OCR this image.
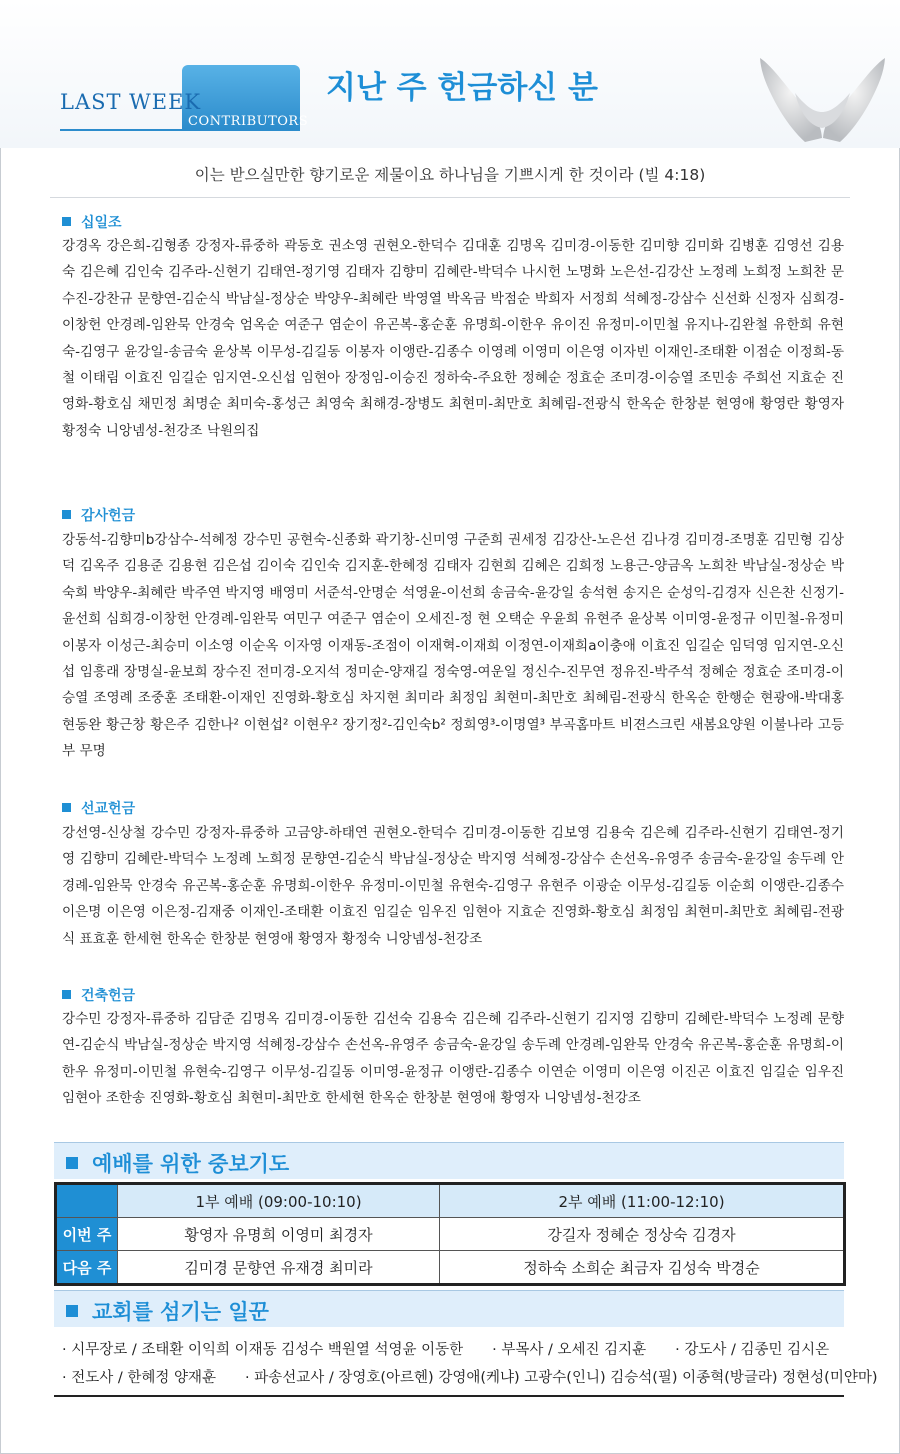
LAST WEEK
CONTRIBUTORS
지난 주 헌금하신 분
이는 받으실만한 향기로운 제물이요 하나님을 기쁘시게 한 것이라 (빌 4:18)
십일조
강경옥 강은희-김형종 강정자-류중하 곽동호 권소영 권현오-한덕수 김대훈 김명옥 김미경-이동한 김미향 김미화 김병훈 김영선 김용숙 김은혜 김인숙 김주라-신현기 김태연-정기영 김태자 김향미 김혜란-박덕수 나시헌 노명화 노은선-김강산 노정례 노희정 노희찬 문수진-강찬규 문향연-김순식 박남실-정상순 박양우-최혜란 박영열 박옥금 박점순 박희자 서정희 석혜정-강삼수 신선화 신정자 심희경-이창헌 안경례-임완묵 안경숙 엄옥순 여준구 염순이 유곤복-홍순훈 유명희-이한우 유이진 유정미-이민철 유지나-김완철 유한희 유현숙-김영구 윤강일-송금숙 윤상복 이무성-김길동 이봉자 이앵란-김종수 이영례 이영미 이은영 이자빈 이재인-조태환 이점순 이정희-동 철 이태림 이효진 임길순 임지연-오신섭 임현아 장정임-이승진 정하숙-주요한 정혜순 정효순 조미경-이승열 조민송 주희선 지효순 진영화-황호심 채민정 최명순 최미숙-홍성근 최영숙 최해경-장병도 최현미-최만호 최혜림-전광식 한옥순 한창분 현영애 황영란 황영자 황정숙 니앙넴성-천강조 낙원의집
감사헌금
강동석-김향미b강삼수-석혜정 강수민 공현숙-신종화 곽기창-신미영 구준희 권세정 김강산-노은선 김나경 김미경-조명훈 김민형 김상덕 김옥주 김용준 김용현 김은섭 김이숙 김인숙 김지훈-한혜정 김태자 김현희 김혜은 김희정 노용근-양금옥 노희찬 박남실-정상순 박숙희 박양우-최혜란 박주연 박지영 배영미 서준석-안명순 석영윤-이선희 송금숙-윤강일 송석현 송지은 순성익-김경자 신은찬 신정기-윤선희 심희경-이창헌 안경례-임완묵 여민구 여준구 염순이 오세진-정 현 오택순 우윤희 유현주 윤상복 이미영-윤정규 이민철-유정미 이봉자 이성근-최승미 이소영 이순옥 이자영 이재동-조점이 이재혁-이재희 이정연-이재희a이충애 이효진 임길순 임덕영 임지연-오신섭 임흥래 장명실-윤보희 장수진 전미경-오지석 정미순-양재길 정숙영-여운일 정신수-진무연 정유진-박주석 정혜순 정효순 조미경-이승열 조영례 조중훈 조태환-이재인 진영화-황호심 차지현 최미라 최정임 최현미-최만호 최혜림-전광식 한옥순 한행순 현광애-박대홍 현동완 황근창 황은주 김한나² 이현섭² 이현우² 장기정²-김인숙b² 정희영³-이명열³ 부곡홈마트 비젼스크린 새봄요양원 이불나라 고등부 무명
선교헌금
강선영-신상철 강수민 강정자-류중하 고금양-하태연 권현오-한덕수 김미경-이동한 김보영 김용숙 김은혜 김주라-신현기 김태연-정기영 김향미 김혜란-박덕수 노정례 노희정 문향연-김순식 박남실-정상순 박지영 석혜정-강삼수 손선옥-유영주 송금숙-윤강일 송두례 안경례-임완묵 안경숙 유곤복-홍순훈 유명희-이한우 유정미-이민철 유현숙-김영구 유현주 이광순 이무성-김길동 이순희 이앵란-김종수 이은명 이은영 이은정-김재중 이재인-조태환 이효진 임길순 임우진 임현아 지효순 진영화-황호심 최정임 최현미-최만호 최혜림-전광식 표효훈 한세현 한옥순 한창분 현영애 황영자 황정숙 니앙넴성-천강조
건축헌금
강수민 강정자-류중하 김담준 김명옥 김미경-이동한 김선숙 김용숙 김은혜 김주라-신현기 김지영 김향미 김혜란-박덕수 노정례 문향연-김순식 박남실-정상순 박지영 석혜정-강삼수 손선옥-유영주 송금숙-윤강일 송두례 안경례-임완묵 안경숙 유곤복-홍순훈 유명희-이한우 유정미-이민철 유현숙-김영구 이무성-김길동 이미영-윤정규 이앵란-김종수 이연순 이영미 이은영 이진곤 이효진 임길순 임우진 임현아 조한송 진영화-황호심 최현미-최만호 한세현 한옥순 한창분 현영애 황영자 니앙넴성-천강조
예배를 위한 중보기도
	1부 예배 (09:00-10:10)	2부 예배 (11:00-12:10)
이번 주	황영자 유명희 이영미 최경자	강길자 정혜순 정상숙 김경자
다음 주	김미경 문향연 유재경 최미라	정하숙 소희순 최금자 김성숙 박경순
교회를 섬기는 일꾼
· 시무장로 / 조태환 이익희 이재동 김성수 백원열 석영윤 이동한　　· 부목사 / 오세진 김지훈　　· 강도사 / 김종민 김시온
· 전도사 / 한혜정 양재훈　　· 파송선교사 / 장영호(아르헨) 강영애(케냐) 고광수(인니) 김승석(필) 이종혁(방글라) 정현성(미얀마)
